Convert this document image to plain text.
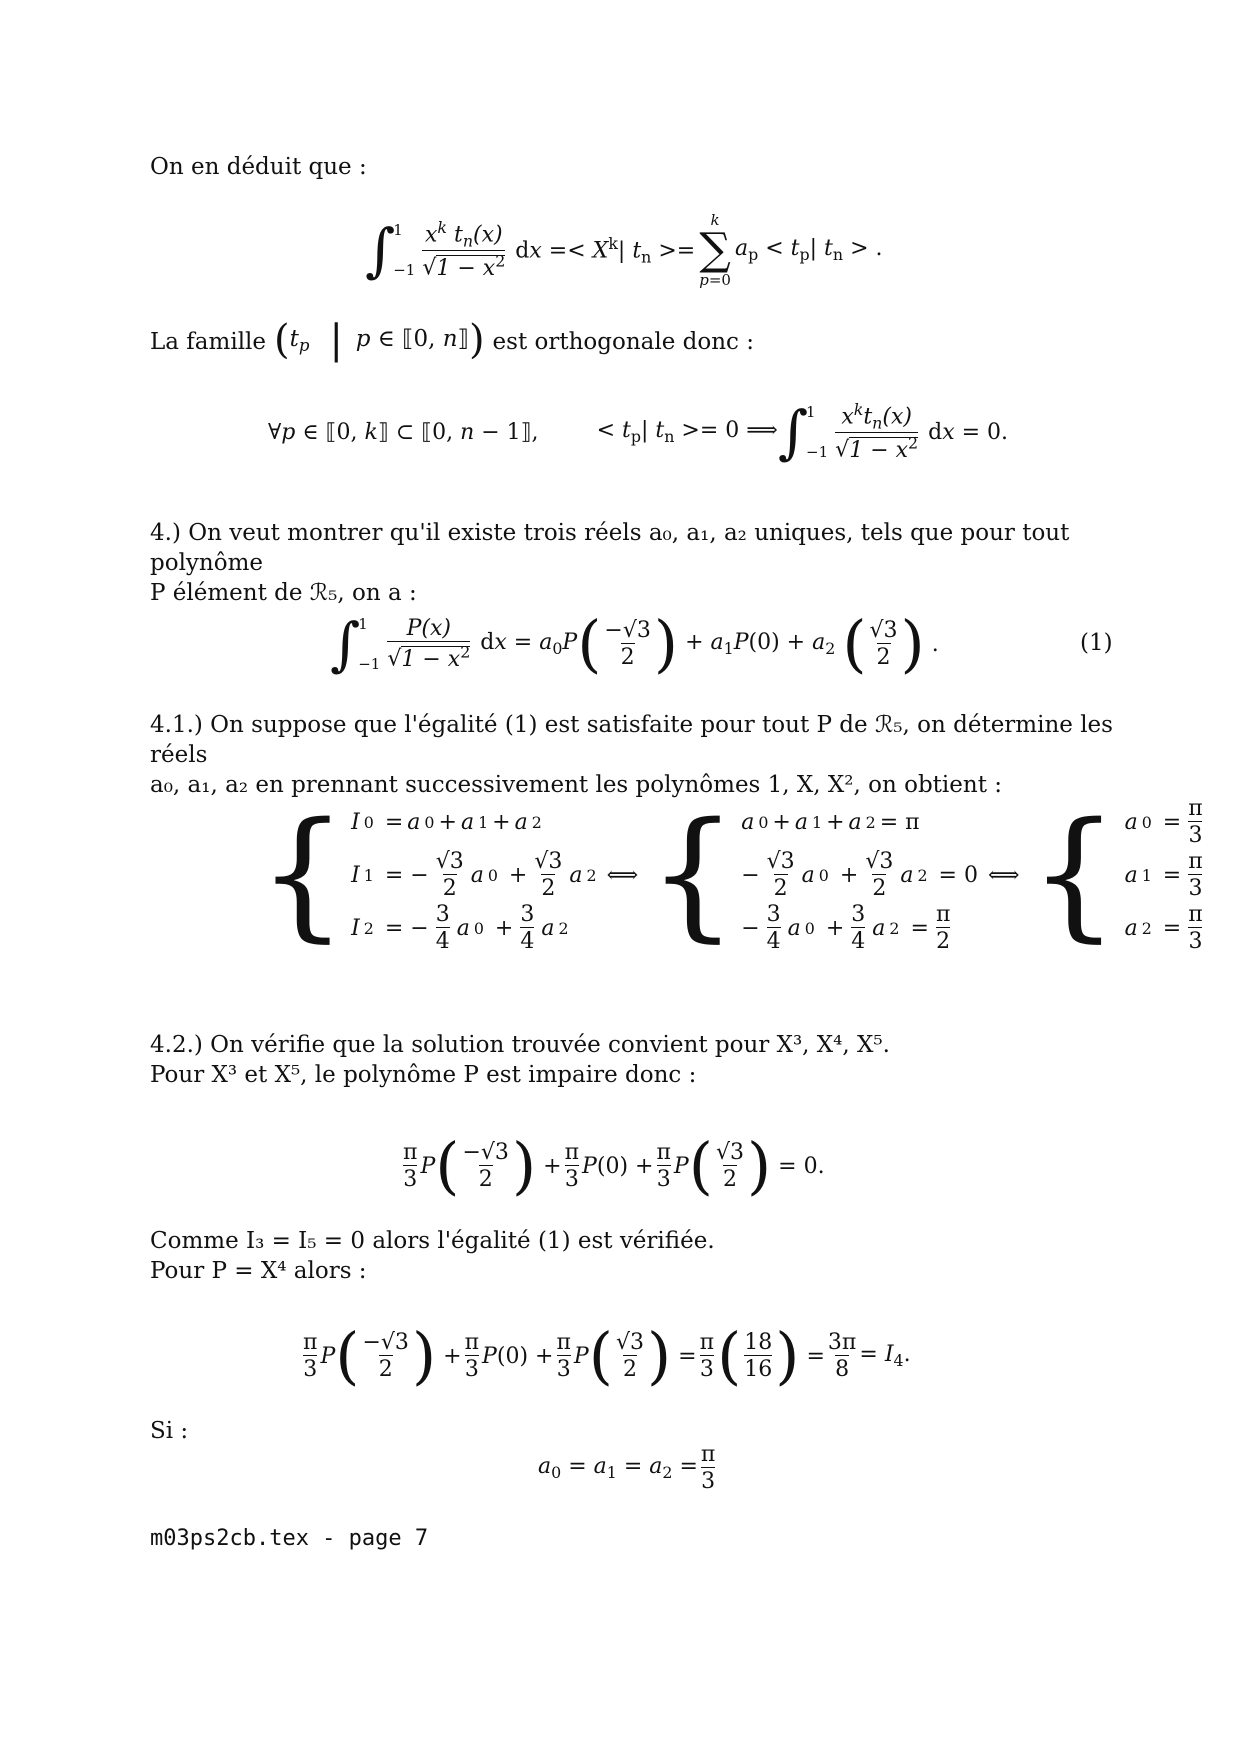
On en déduit que :
∫
1
$-1 \frac{x^k t_n(x)}{√1 - x^2}$ dx =< $X^k|$ $t_n$ >=
k
∑
p=0
$a_p < t_p|$ $t_n$ > .
La famille ($t_p$  | p ∈ ⟦0, n⟧) est orthogonale donc :
∀p ∈ ⟦0, k⟧ ⊂ ⟦0, n − 1⟧,	< $t_p|$ $t_n >= 0$ ⟹ ∫
1
$-1 \frac{x^kt_n(x)}{√1 - x^2}$ dx = 0.
4.) On veut montrer qu'il existe trois réels a₀, a₁, a₂ uniques, tels que pour tout polynôme
P élément de ℛ₅, on a :
∫
1
$-1 \frac{P(x)}{√1 - x^2}$ dx = $a_0P$ ( $\frac{-√3}{2}$ ) + $a_1P(0) + a_2$ ( $\frac{√3}{2}$ ) .	(1)
4.1.) On suppose que l'égalité (1) est satisfaite pour tout P de ℛ₅, on détermine les réels
a₀, a₁, a₂ en prennant successivement les polynômes 1, X, X², on obtient :
{ I 0 = a 0 + a 1 + a 2
I 1 = − $\frac{√3}{2}$ a $0 + \frac{√3}{2}$ a 2
I 2 = − $\frac{3}{4}$ a $0 + \frac{3}{4}$ a 2
⟺ { a 0 + a 1 + a 2 = π
− $\frac{√3}{2}$ a $0 + \frac{√3}{2}$ a 2 = 0
− $\frac{3}{4}$ a $0 + \frac{3}{4}$ a $2 = \frac{\pi}{2}$
⟺ { a $0 = \frac{\pi}{3}$
a $1 = \frac{\pi}{3}$
a $2 = \frac{\pi}{3}$
4.2.) On vérifie que la solution trouvée convient pour X³, X⁴, X⁵.
Pour X³ et X⁵, le polynôme P est impaire donc :
$\frac{\pi}{3}$ P ( $\frac{-√3}{2}$ ) + $\frac{\pi}{3} P(0) + \frac{\pi}{3}$ P ( $\frac{√3}{2}$ ) = 0.
Comme I₃ = I₅ = 0 alors l'égalité (1) est vérifiée.
Pour P = X⁴ alors :
$\frac{\pi}{3}$ P ( $\frac{-√3}{2}$ ) + $\frac{\pi}{3} P(0) + \frac{\pi}{3}$ P ( $\frac{√3}{2}$ ) = $\frac{\pi}{3}$ ( $\frac{18}{16}$ ) = $\frac{3\pi}{8} = I_4$.
Si :
$a_0 = a_1 = a_2 = \frac{\pi}{3}$
m03ps2cb.tex - page 7
